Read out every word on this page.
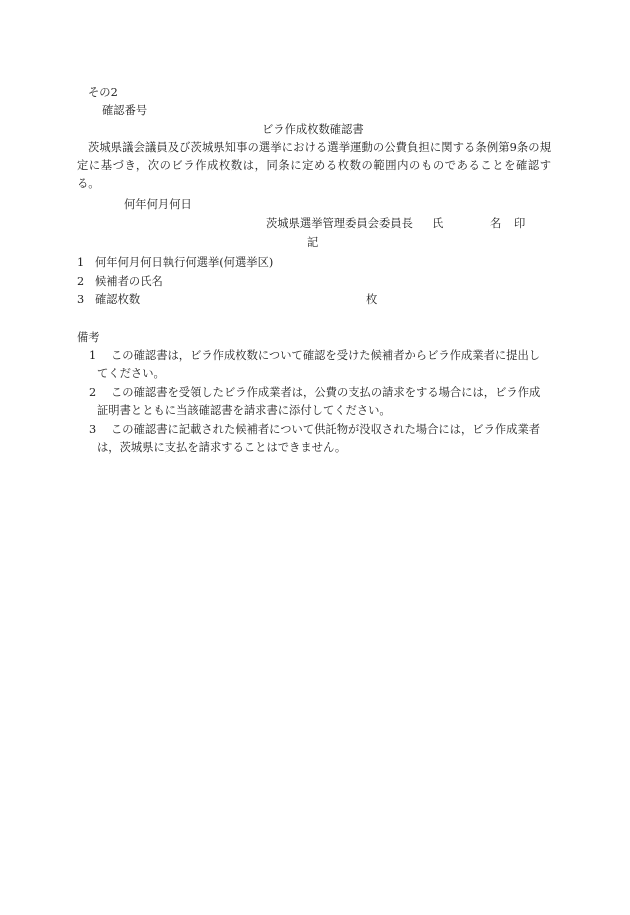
その2
確認番号
ビラ作成枚数確認書
茨城県議会議員及び茨城県知事の選挙における選挙運動の公費負担に関する条例第9条の規定に基づき，次のビラ作成枚数は，同条に定める枚数の範囲内のものであることを確認する。
何年何月何日
茨城県選挙管理委員会委員長 氏	名 印
記
1 何年何月何日執行何選挙(何選挙区)
2 候補者の氏名
3 確認枚数	枚
備考
1 この確認書は，ビラ作成枚数について確認を受けた候補者からビラ作成業者に提出してください。
2 この確認書を受領したビラ作成業者は，公費の支払の請求をする場合には，ビラ作成証明書とともに当該確認書を請求書に添付してください。
3 この確認書に記載された候補者について供託物が没収された場合には，ビラ作成業者は，茨城県に支払を請求することはできません。
